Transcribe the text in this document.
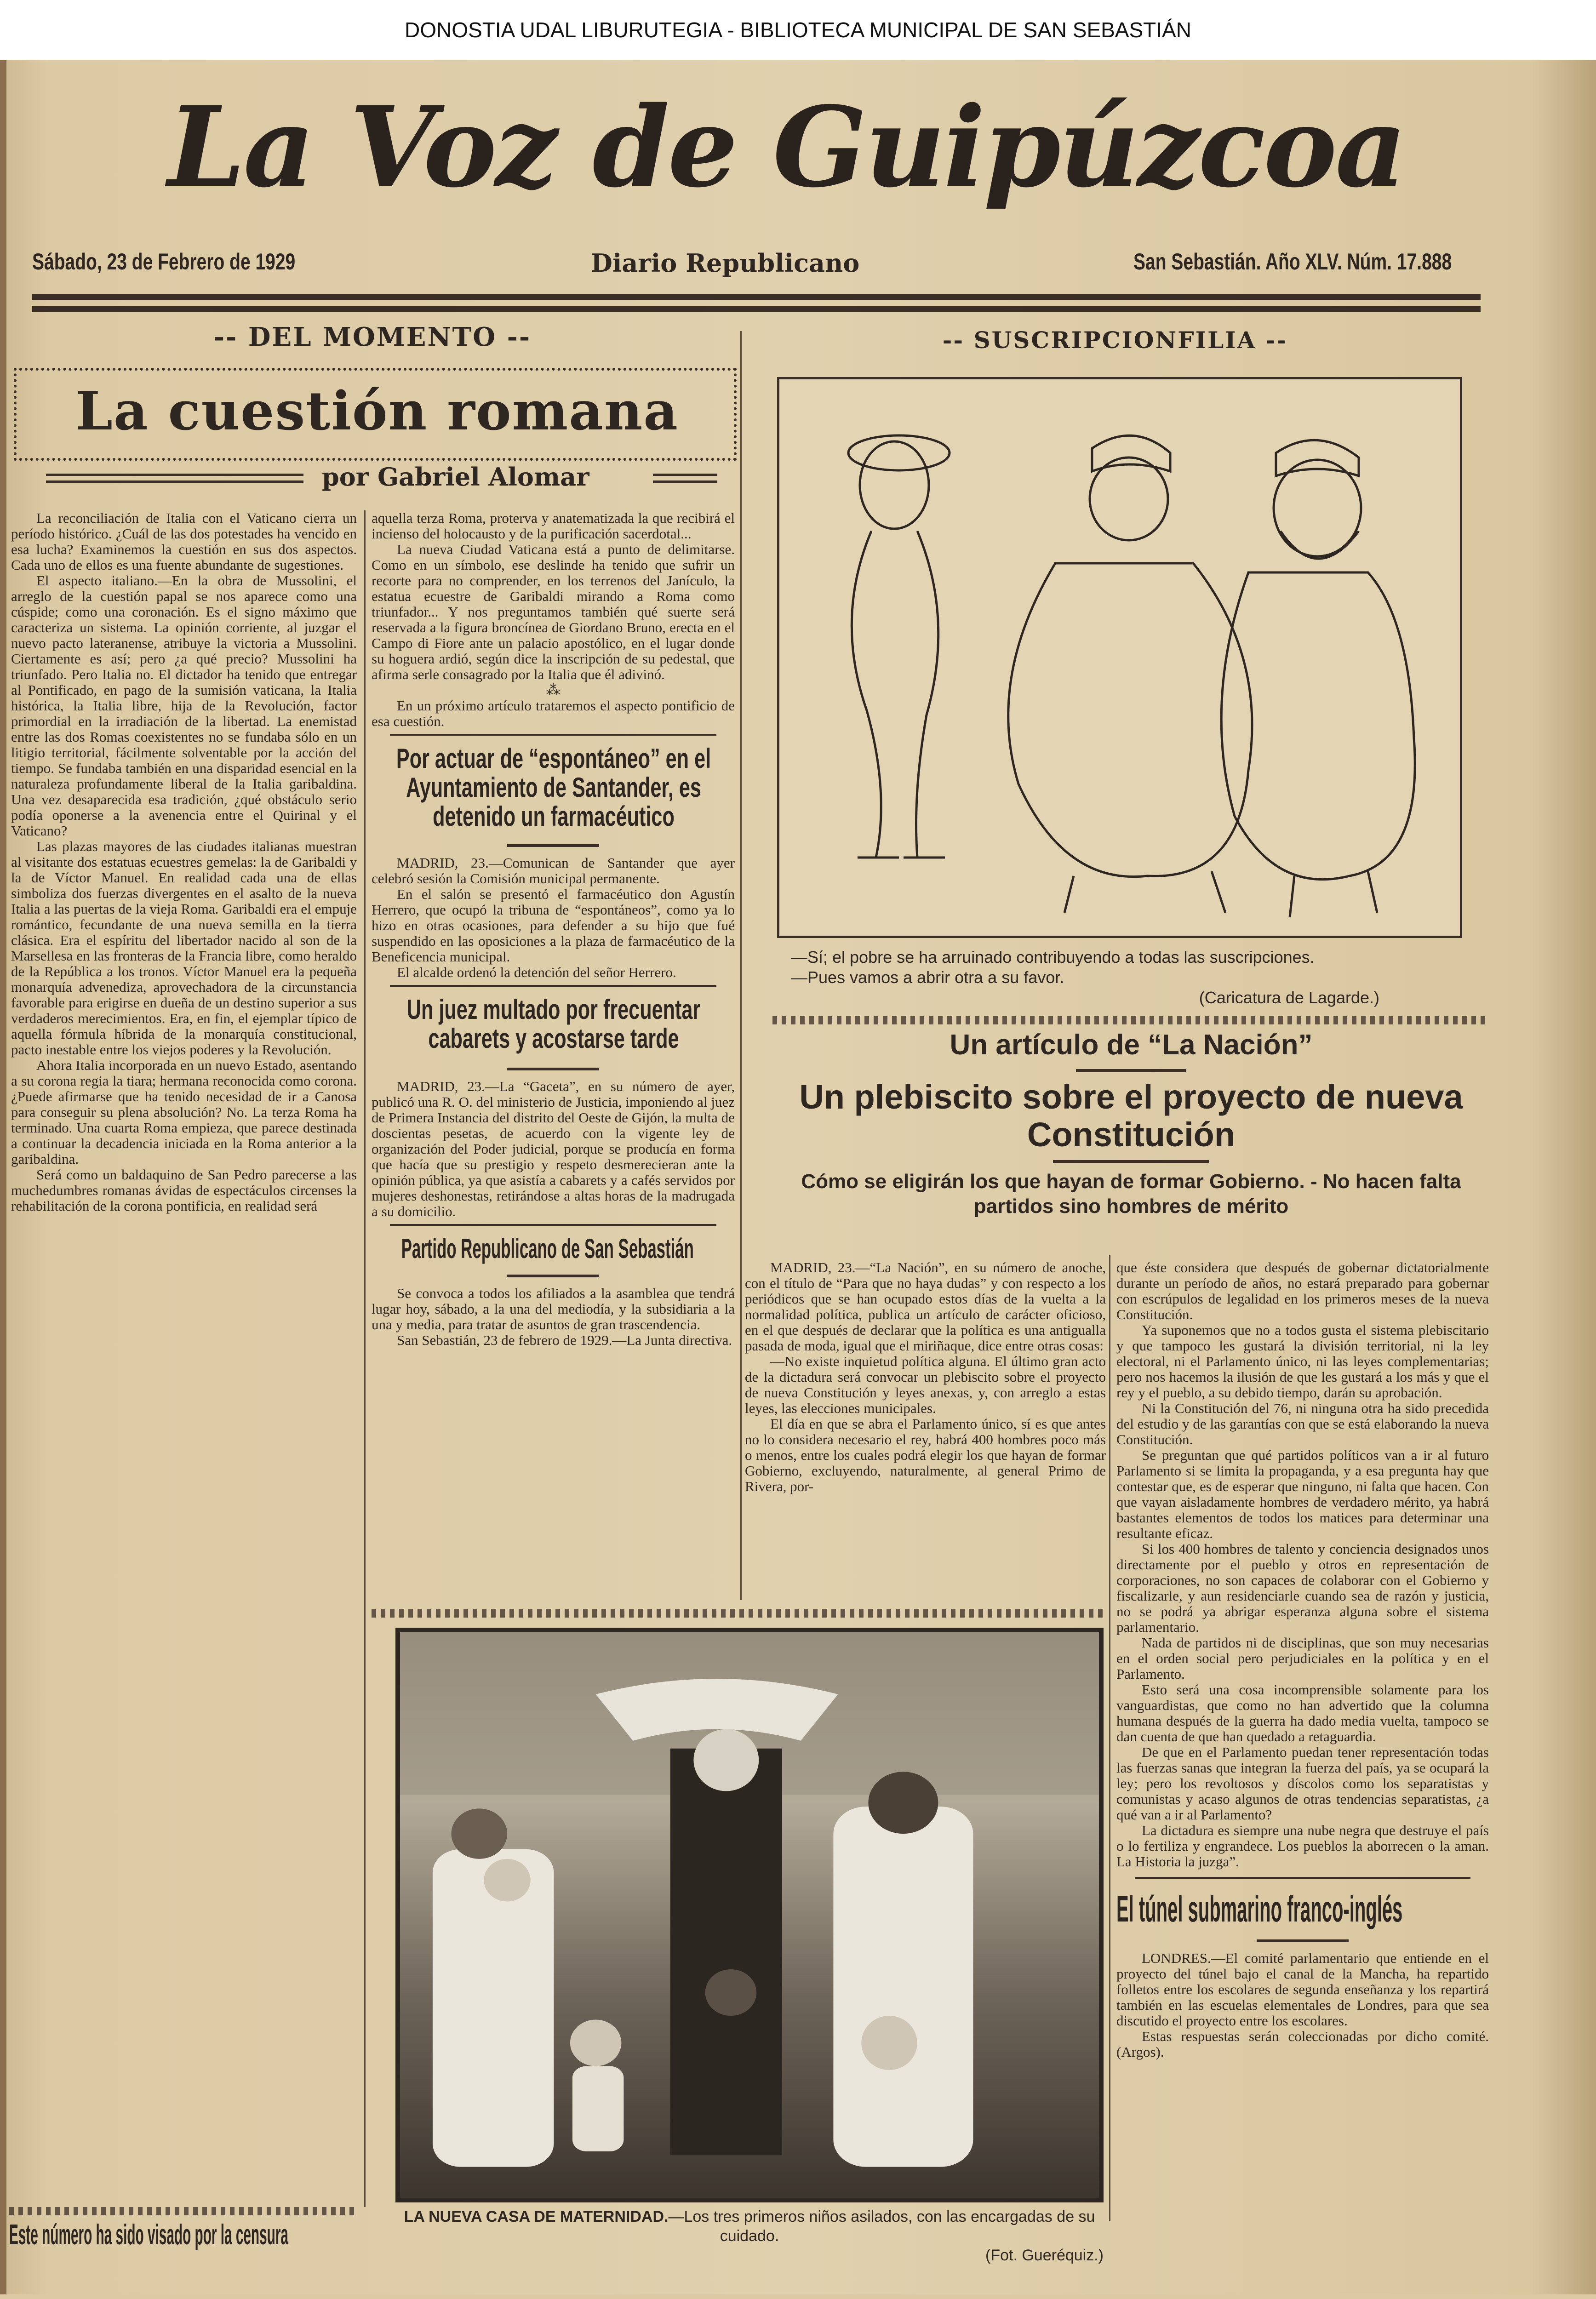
DONOSTIA UDAL LIBURUTEGIA - BIBLIOTECA MUNICIPAL DE SAN SEBASTIÁN
La Voz de Guipúzcoa
Sábado, 23 de Febrero de 1929	Diario Republicano	San Sebastián. Año XLV. Núm. 17.888
-- DEL MOMENTO --
La cuestión romana
por Gabriel Alomar

La reconciliación de Italia con el Vaticano cierra un período histórico. ¿Cuál de las dos potestades ha vencido en esa lucha? Examinemos la cuestión en sus dos aspectos. Cada uno de ellos es una fuente abundante de sugestiones.

El aspecto italiano.—En la obra de Mussolini, el arreglo de la cuestión papal se nos aparece como una cúspide; como una coronación. Es el signo máximo que caracteriza un sistema. La opinión corriente, al juzgar el nuevo pacto lateranense, atribuye la victoria a Mussolini. Ciertamente es así; pero ¿a qué precio? Mussolini ha triunfado. Pero Italia no. El dictador ha tenido que entregar al Pontificado, en pago de la sumisión vaticana, la Italia histórica, la Italia libre, hija de la Revolución, factor primordial en la irradiación de la libertad. La enemistad entre las dos Romas coexistentes no se fundaba sólo en un litigio territorial, fácilmente solventable por la acción del tiempo. Se fundaba también en una disparidad esencial en la naturaleza profundamente liberal de la Italia garibaldina. Una vez desaparecida esa tradición, ¿qué obstáculo serio podía oponerse a la avenencia entre el Quirinal y el Vaticano?

Las plazas mayores de las ciudades italianas muestran al visitante dos estatuas ecuestres gemelas: la de Garibaldi y la de Víctor Manuel. En realidad cada una de ellas simboliza dos fuerzas divergentes en el asalto de la nueva Italia a las puertas de la vieja Roma. Garibaldi era el empuje romántico, fecundante de una nueva semilla en la tierra clásica. Era el espíritu del libertador nacido al son de la Marsellesa en las fronteras de la Francia libre, como heraldo de la República a los tronos. Víctor Manuel era la pequeña monarquía advenediza, aprovechadora de la circunstancia favorable para erigirse en dueña de un destino superior a sus verdaderos merecimientos. Era, en fin, el ejemplar típico de aquella fórmula híbrida de la monarquía constitucional, pacto inestable entre los viejos poderes y la Revolución.

Ahora Italia incorporada en un nuevo Estado, asentando a su corona regia la tiara; hermana reconocida como corona. ¿Puede afirmarse que ha tenido necesidad de ir a Canosa para conseguir su plena absolución? No. La terza Roma ha terminado. Una cuarta Roma empieza, que parece destinada a continuar la decadencia iniciada en la Roma anterior a la garibaldina.

Será como un baldaquino de San Pedro parecerse a las muchedumbres romanas ávidas de espectáculos circenses la rehabilitación de la corona pontificia, en realidad será

Este número ha sido visado por la censura

aquella terza Roma, proterva y anatematizada la que recibirá el incienso del holocausto y de la purificación sacerdotal...

La nueva Ciudad Vaticana está a punto de delimitarse. Como en un símbolo, ese deslinde ha tenido que sufrir un recorte para no comprender, en los terrenos del Janículo, la estatua ecuestre de Garibaldi mirando a Roma como triunfador... Y nos preguntamos también qué suerte será reservada a la figura broncínea de Giordano Bruno, erecta en el Campo di Fiore ante un palacio apostólico, en el lugar donde su hoguera ardió, según dice la inscripción de su pedestal, que afirma serle consagrado por la Italia que él adivinó.

⁂

En un próximo artículo trataremos el aspecto pontificio de esa cuestión.

Por actuar de “espontáneo” en el Ayuntamiento de Santander, es detenido un farmacéutico

MADRID, 23.—Comunican de Santander que ayer celebró sesión la Comisión municipal permanente.

En el salón se presentó el farmacéutico don Agustín Herrero, que ocupó la tribuna de “espontáneos”, como ya lo hizo en otras ocasiones, para defender a su hijo que fué suspendido en las oposiciones a la plaza de farmacéutico de la Beneficencia municipal.

El alcalde ordenó la detención del señor Herrero.

Un juez multado por frecuentar cabarets y acostarse tarde

MADRID, 23.—La “Gaceta”, en su número de ayer, publicó una R. O. del ministerio de Justicia, imponiendo al juez de Primera Instancia del distrito del Oeste de Gijón, la multa de doscientas pesetas, de acuerdo con la vigente ley de organización del Poder judicial, porque se producía en forma que hacía que su prestigio y respeto desmerecieran ante la opinión pública, ya que asistía a cabarets y a cafés servidos por mujeres deshonestas, retirándose a altas horas de la madrugada a su domicilio.

Partido Republicano de San Sebastián

Se convoca a todos los afiliados a la asamblea que tendrá lugar hoy, sábado, a la una del mediodía, y la subsidiaria a la una y media, para tratar de asuntos de gran trascendencia.

San Sebastián, 23 de febrero de 1929.—La Junta directiva.

-- SUSCRIPCIONFILIA --
—Sí; el pobre se ha arruinado contribuyendo a todas las suscripciones.
—Pues vamos a abrir otra a su favor.
(Caricatura de Lagarde.)
Un artículo de “La Nación”
Un plebiscito sobre el proyecto de nueva Constitución
Cómo se eligirán los que hayan de formar Gobierno. - No hacen falta partidos sino hombres de mérito

MADRID, 23.—“La Nación”, en su número de anoche, con el título de “Para que no haya dudas” y con respecto a los periódicos que se han ocupado estos días de la vuelta a la normalidad política, publica un artículo de carácter oficioso, en el que después de declarar que la política es una antigualla pasada de moda, igual que el miriñaque, dice entre otras cosas:

—No existe inquietud política alguna. El último gran acto de la dictadura será convocar un plebiscito sobre el proyecto de nueva Constitución y leyes anexas, y, con arreglo a estas leyes, las elecciones municipales.

El día en que se abra el Parlamento único, sí es que antes no lo considera necesario el rey, habrá 400 hombres poco más o menos, entre los cuales podrá elegir los que hayan de formar Gobierno, excluyendo, naturalmente, al general Primo de Rivera, por-

que éste considera que después de gobernar dictatorialmente durante un período de años, no estará preparado para gobernar con escrúpulos de legalidad en los primeros meses de la nueva Constitución.

Ya suponemos que no a todos gusta el sistema plebiscitario y que tampoco les gustará la división territorial, ni la ley electoral, ni el Parlamento único, ni las leyes complementarias; pero nos hacemos la ilusión de que les gustará a los más y que el rey y el pueblo, a su debido tiempo, darán su aprobación.

Ni la Constitución del 76, ni ninguna otra ha sido precedida del estudio y de las garantías con que se está elaborando la nueva Constitución.

Se preguntan que qué partidos políticos van a ir al futuro Parlamento si se limita la propaganda, y a esa pregunta hay que contestar que, es de esperar que ninguno, ni falta que hacen. Con que vayan aisladamente hombres de verdadero mérito, ya habrá bastantes elementos de todos los matices para determinar una resultante eficaz.

Si los 400 hombres de talento y conciencia designados unos directamente por el pueblo y otros en representación de corporaciones, no son capaces de colaborar con el Gobierno y fiscalizarle, y aun residenciarle cuando sea de razón y justicia, no se podrá ya abrigar esperanza alguna sobre el sistema parlamentario.

Nada de partidos ni de disciplinas, que son muy necesarias en el orden social pero perjudiciales en la política y en el Parlamento.

Esto será una cosa incomprensible solamente para los vanguardistas, que como no han advertido que la columna humana después de la guerra ha dado media vuelta, tampoco se dan cuenta de que han quedado a retaguardia.

De que en el Parlamento puedan tener representación todas las fuerzas sanas que integran la fuerza del país, ya se ocupará la ley; pero los revoltosos y díscolos como los separatistas y comunistas y acaso algunos de otras tendencias separatistas, ¿a qué van a ir al Parlamento?

La dictadura es siempre una nube negra que destruye el país o lo fertiliza y engrandece. Los pueblos la aborrecen o la aman. La Historia la juzga”.

El túnel submarino franco-inglés

LONDRES.—El comité parlamentario que entiende en el proyecto del túnel bajo el canal de la Mancha, ha repartido folletos entre los escolares de segunda enseñanza y los repartirá también en las escuelas elementales de Londres, para que sea discutido el proyecto entre los escolares.

Estas respuestas serán coleccionadas por dicho comité. (Argos).

LA NUEVA CASA DE MATERNIDAD.—Los tres primeros niños asilados, con las encargadas de su cuidado.
(Fot. Gueréquiz.)
